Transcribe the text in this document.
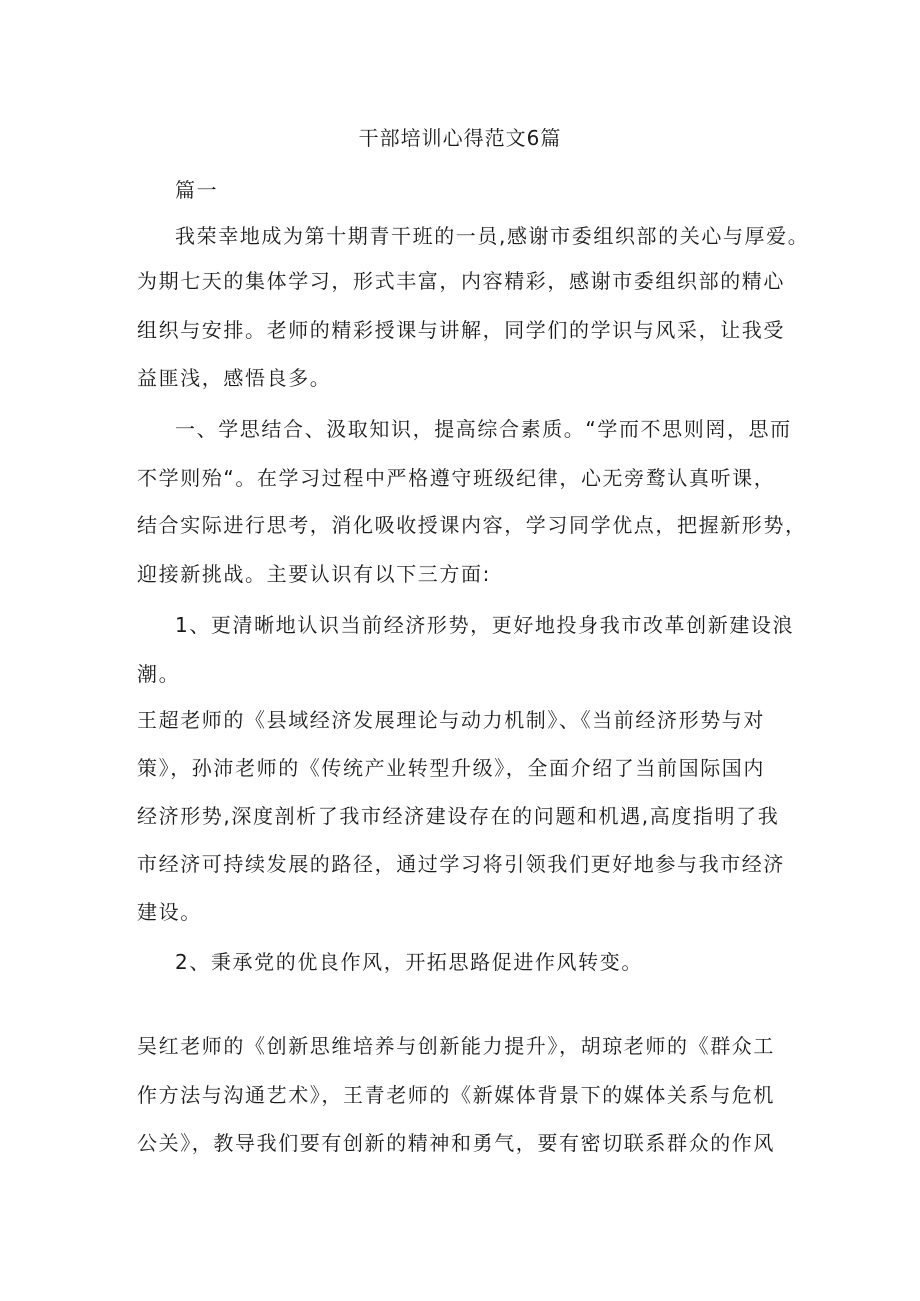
干部培训心得范文6篇
篇一
我荣幸地成为第十期青干班的一员,感谢市委组织部的关心与厚爱。
为期七天的集体学习，形式丰富，内容精彩，感谢市委组织部的精心
组织与安排。老师的精彩授课与讲解，同学们的学识与风采，让我受
益匪浅，感悟良多。
一、学思结合、汲取知识，提高综合素质。“学而不思则罔，思而
不学则殆“。在学习过程中严格遵守班级纪律，心无旁鹜认真听课，
结合实际进行思考，消化吸收授课内容，学习同学优点，把握新形势，
迎接新挑战。主要认识有以下三方面:
1、更清晰地认识当前经济形势，更好地投身我市改革创新建设浪
潮。
王超老师的《县域经济发展理论与动力机制》、《当前经济形势与对
策》，孙沛老师的《传统产业转型升级》，全面介绍了当前国际国内
经济形势,深度剖析了我市经济建设存在的问题和机遇,高度指明了我
市经济可持续发展的路径，通过学习将引领我们更好地参与我市经济
建设。
2、秉承党的优良作风，开拓思路促进作风转变。
吴红老师的《创新思维培养与创新能力提升》，胡琼老师的《群众工
作方法与沟通艺术》，王青老师的《新媒体背景下的媒体关系与危机
公关》，教导我们要有创新的精神和勇气，要有密切联系群众的作风
